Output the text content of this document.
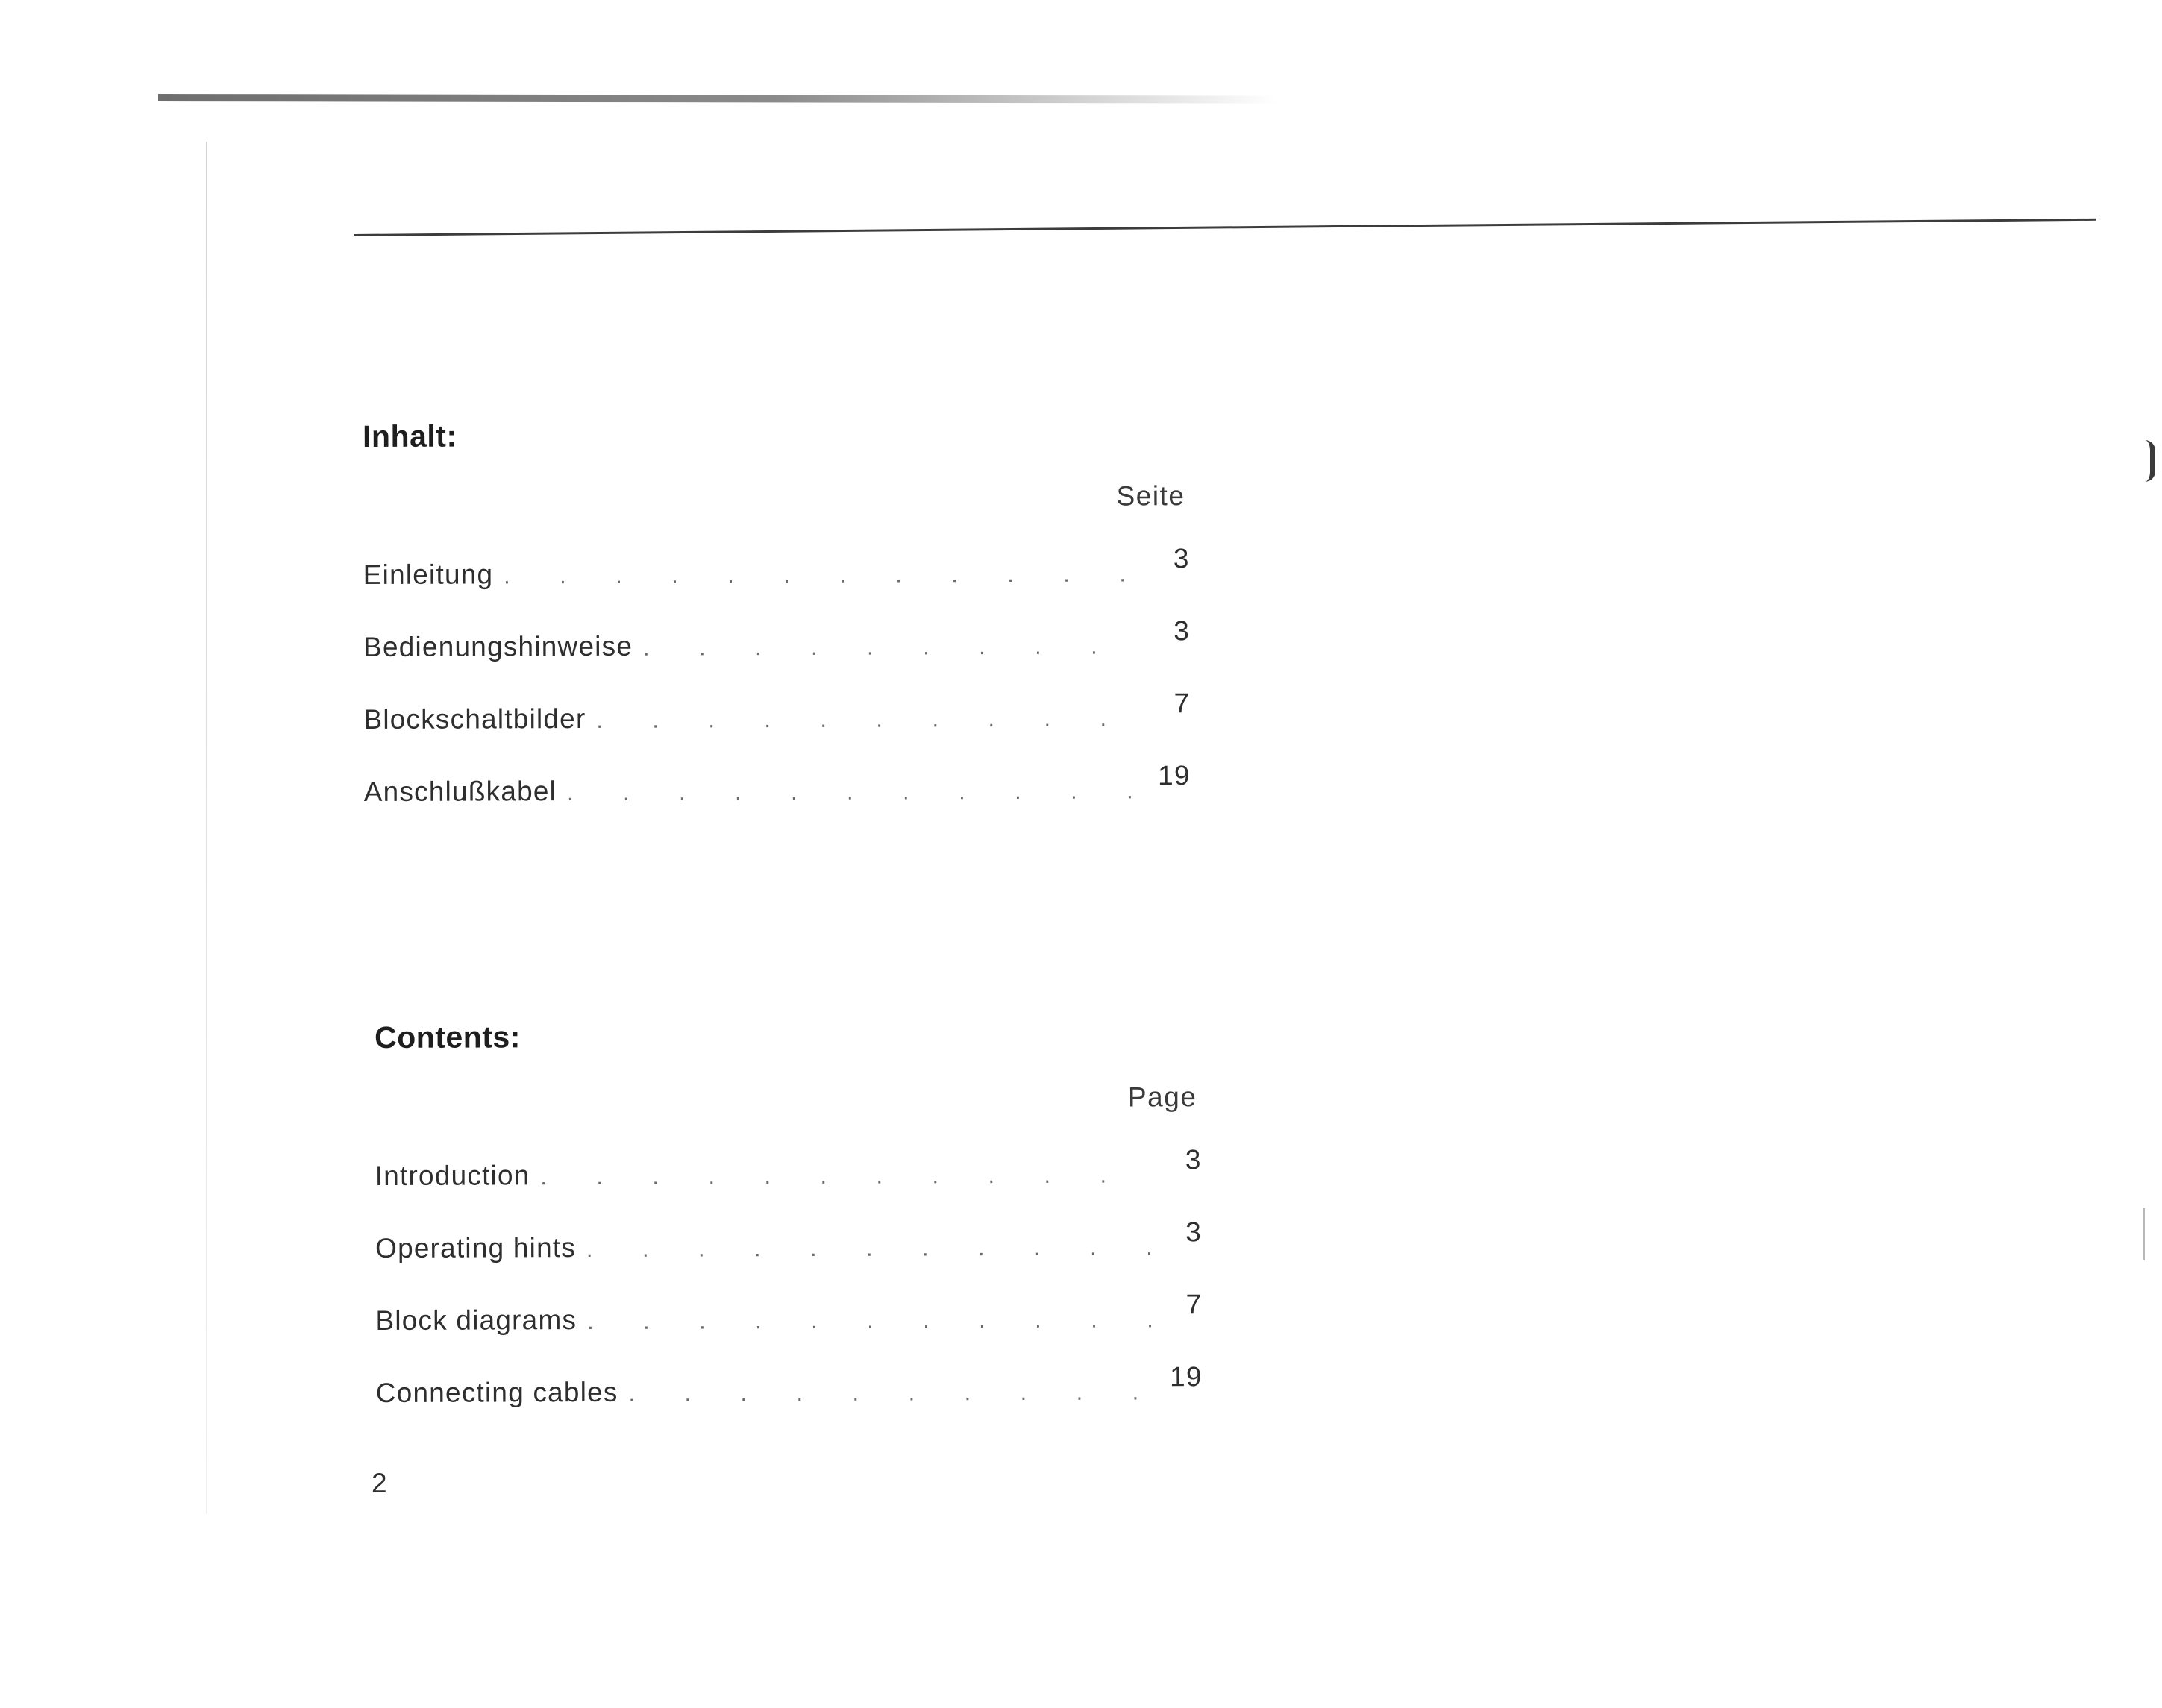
Inhalt:
Seite
Einleitung
.
3
Bedienungshinweise
.
3
Blockschaltbilder
.
7
Anschlußkabel
.
19
Contents:
Page
Introduction
.
3
Operating hints
.
3
Block diagrams
.
7
Connecting cables
.
19
2
